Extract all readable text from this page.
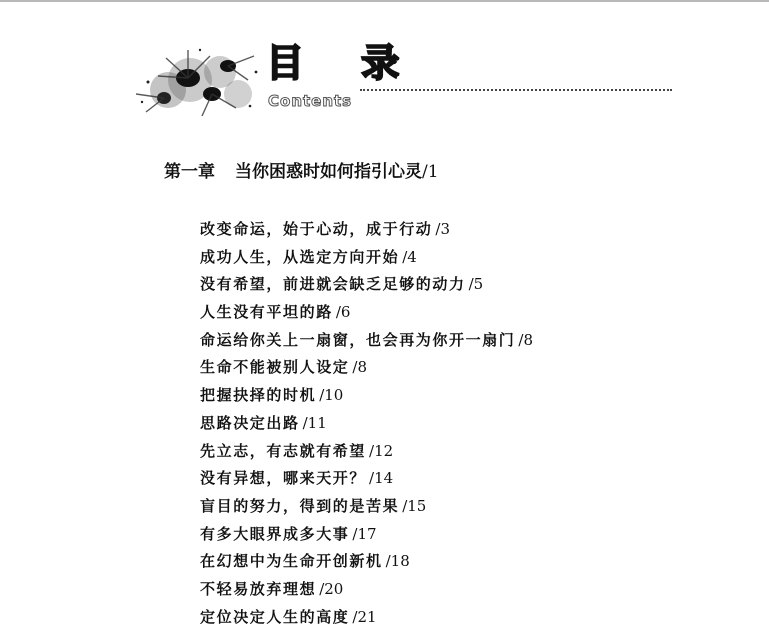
目 录
Contents
第一章 当你困惑时如何指引心灵/1
改变命运，始于心动，成于行动 /3
成功人生，从选定方向开始 /4
没有希望，前进就会缺乏足够的动力 /5
人生没有平坦的路 /6
命运给你关上一扇窗，也会再为你开一扇门 /8
生命不能被别人设定 /8
把握抉择的时机 /10
思路决定出路 /11
先立志，有志就有希望 /12
没有异想，哪来天开？ /14
盲目的努力，得到的是苦果 /15
有多大眼界成多大事 /17
在幻想中为生命开创新机 /18
不轻易放弃理想 /20
定位决定人生的高度 /21
